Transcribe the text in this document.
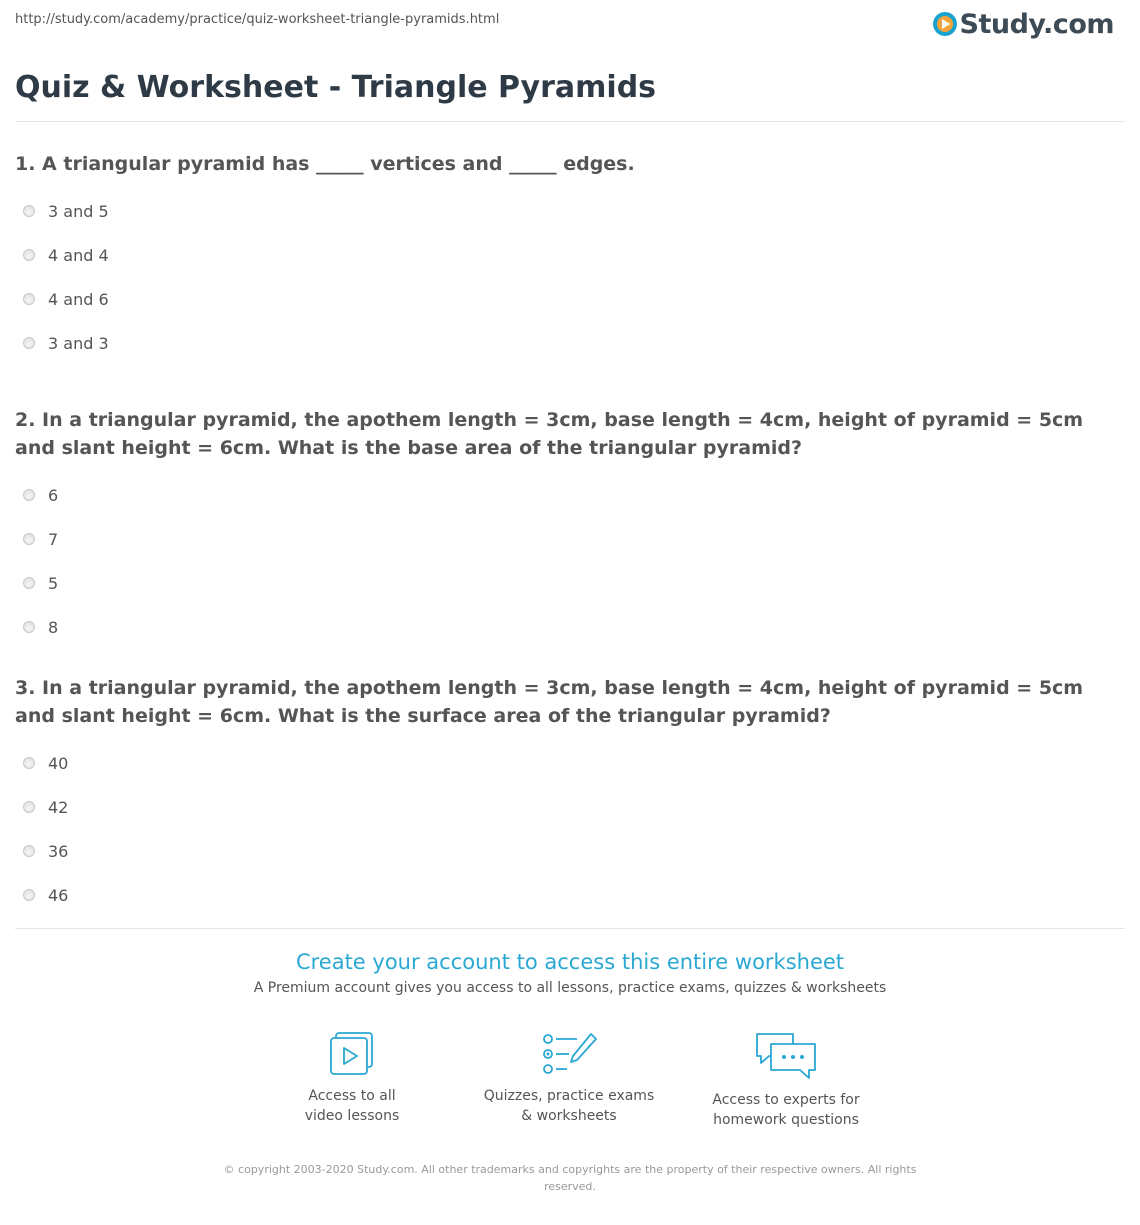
http://study.com/academy/practice/quiz-worksheet-triangle-pyramids.html	Study.com
Quiz & Worksheet - Triangle Pyramids
1. A triangular pyramid has _____ vertices and _____ edges.
3 and 5
4 and 4
4 and 6
3 and 3
2. In a triangular pyramid, the apothem length = 3cm, base length = 4cm, height of pyramid = 5cm and slant height = 6cm. What is the base area of the triangular pyramid?
6
7
5
8
3. In a triangular pyramid, the apothem length = 3cm, base length = 4cm, height of pyramid = 5cm and slant height = 6cm. What is the surface area of the triangular pyramid?
40
42
36
46
Create your account to access this entire worksheet
A Premium account gives you access to all lessons, practice exams, quizzes & worksheets
Access to all
video lessons
Quizzes, practice exams
& worksheets
Access to experts for
homework questions
© copyright 2003-2020 Study.com. All other trademarks and copyrights are the property of their respective owners. All rights reserved.
